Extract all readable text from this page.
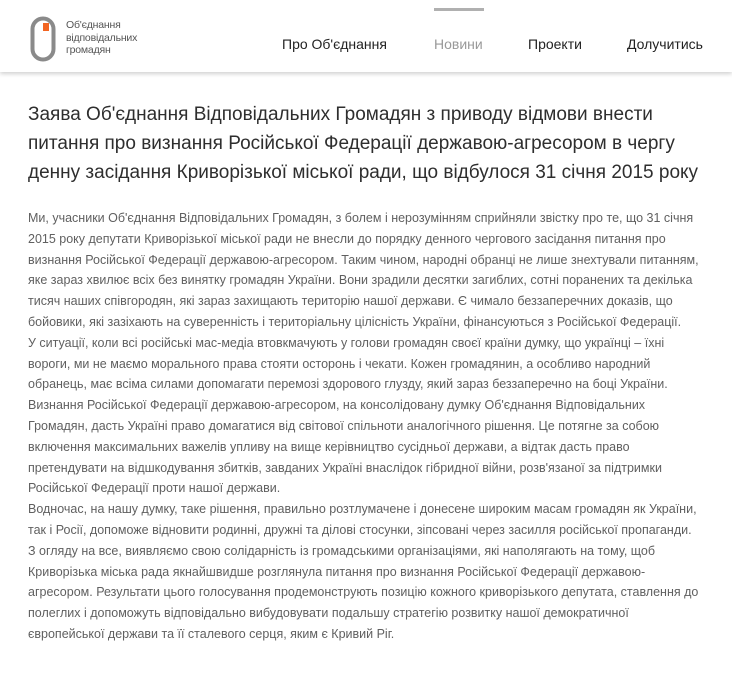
Об'єднання
відповідальних
громадян	Про Об'єднання	Новини	Проекти	Долучитись
Заява Об'єднання Відповідальних Громадян з приводу відмови внести питання про визнання Російської Федерації державою-агресором в чергу денну засідання Криворізької міської ради, що відбулося 31 січня 2015 року

Ми, учасники Об'єднання Відповідальних Громадян, з болем і нерозумінням сприйняли звістку про те, що 31 січня 2015 року депутати Криворізької міської ради не внесли до порядку денного чергового засідання питання про визнання Російської Федерації державою-агресором. Таким чином, народні обранці не лише знехтували питанням, яке зараз хвилює всіх без винятку громадян України. Вони зрадили десятки загиблих, сотні поранених та декілька тисяч наших співгородян, які зараз захищають територію нашої держави. Є чимало беззаперечних доказів, що бойовики, які зазіхають на суверенність і територіальну цілісність України, фінансуються з Російської Федерації.

У ситуації, коли всі російські мас-медіа втовкмачують у голови громадян своєї країни думку, що українці – їхні вороги, ми не маємо морального права стояти осторонь і чекати. Кожен громадянин, а особливо народний обранець, має всіма силами допомагати перемозі здорового глузду, який зараз беззаперечно на боці України.

Визнання Російської Федерації державою-агресором, на консолідовану думку Об'єднання Відповідальних Громадян, дасть Україні право домагатися від світової спільноти аналогічного рішення. Це потягне за собою включення максимальних важелів упливу на вище керівництво сусідньої держави, а відтак дасть право претендувати на відшкодування збитків, завданих Україні внаслідок гібридної війни, розв'язаної за підтримки Російської Федерації проти нашої держави.

Водночас, на нашу думку, таке рішення, правильно розтлумачене і донесене широким масам громадян як України, так і Росії, допоможе відновити родинні, дружні та ділові стосунки, зіпсовані через засилля російської пропаганди.

З огляду на все, виявляємо свою солідарність із громадськими організаціями, які наполягають на тому, щоб Криворізька міська рада якнайшвидше розглянула питання про визнання Російської Федерації державою-агресором. Результати цього голосування продемонструють позицію кожного криворізького депутата, ставлення до полеглих і допоможуть відповідально вибудовувати подальшу стратегію розвитку нашої демократичної європейської держави та її сталевого серця, яким є Кривий Ріг.
